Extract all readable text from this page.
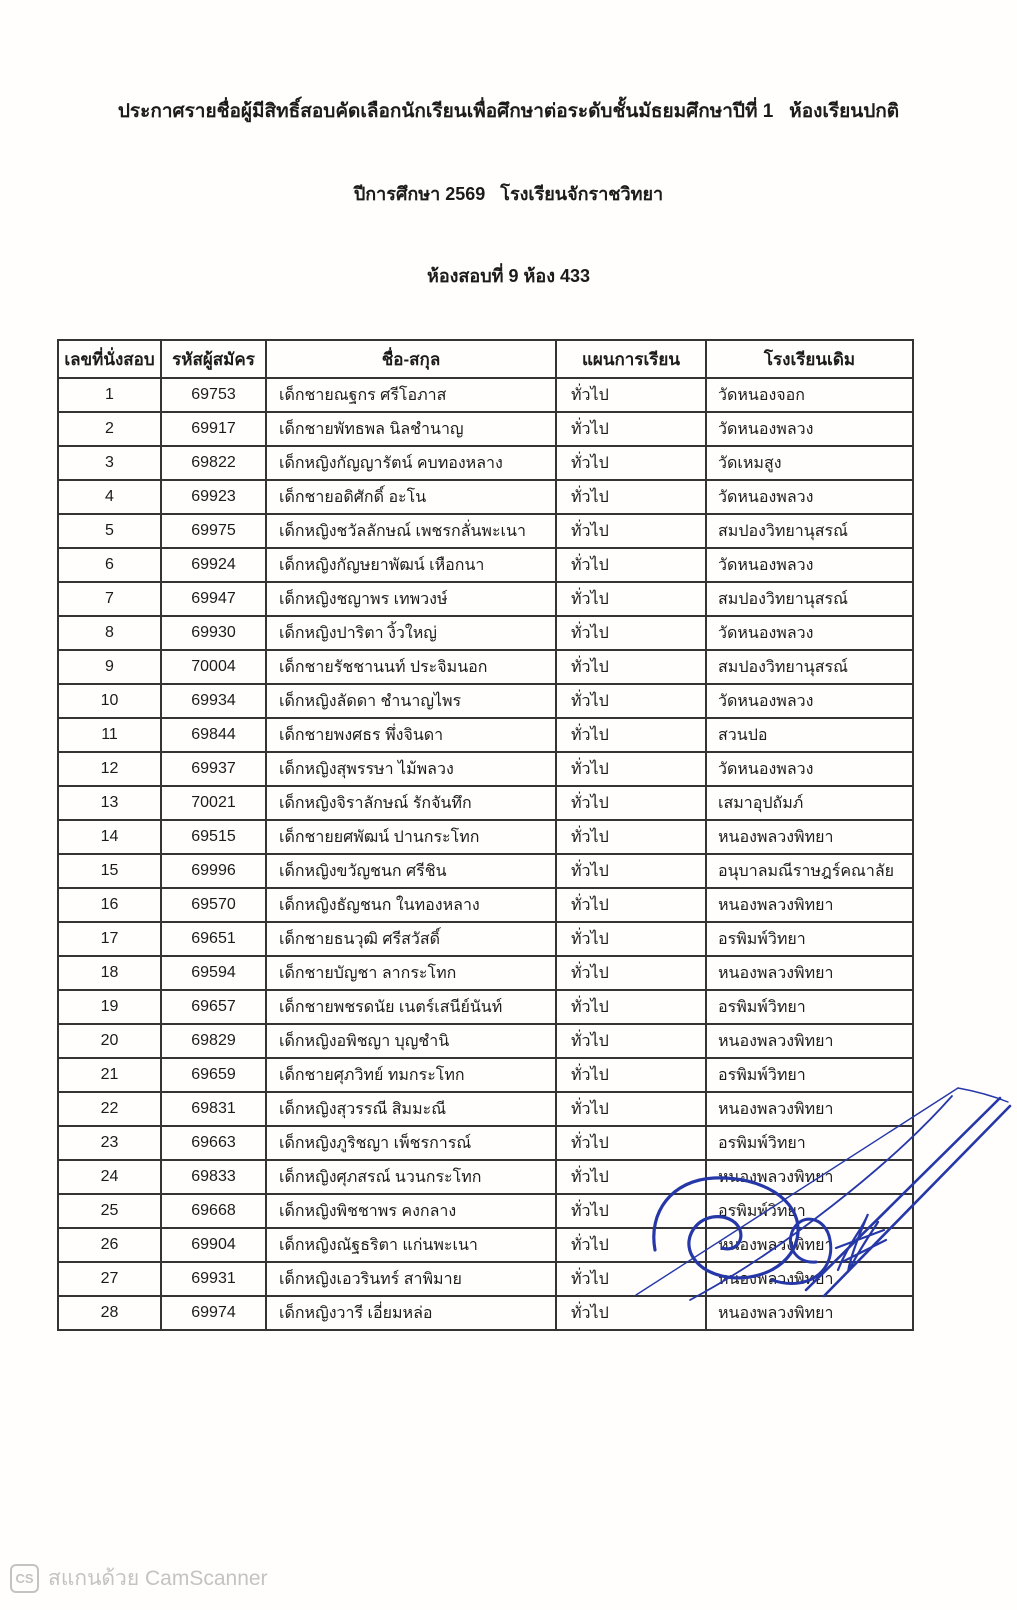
ประกาศรายชื่อผู้มีสิทธิ์สอบคัดเลือกนักเรียนเพื่อศึกษาต่อระดับชั้นมัธยมศึกษาปีที่ 1   ห้องเรียนปกติ

ปีการศึกษา 2569   โรงเรียนจักราชวิทยา

ห้องสอบที่ 9 ห้อง 433

เลขที่นั่งสอบ	รหัสผู้สมัคร	ชื่อ-สกุล	แผนการเรียน	โรงเรียนเดิม
1	69753	เด็กชายณฐกร ศรีโอภาส	ทั่วไป	วัดหนองจอก
2	69917	เด็กชายพัทธพล นิลชำนาญ	ทั่วไป	วัดหนองพลวง
3	69822	เด็กหญิงกัญญารัตน์ คบทองหลาง	ทั่วไป	วัดเหมสูง
4	69923	เด็กชายอดิศักดิ์ อะโน	ทั่วไป	วัดหนองพลวง
5	69975	เด็กหญิงชวัลลักษณ์ เพชรกลั่นพะเนา	ทั่วไป	สมปองวิทยานุสรณ์
6	69924	เด็กหญิงกัญษยาพัฒน์ เหือกนา	ทั่วไป	วัดหนองพลวง
7	69947	เด็กหญิงชญาพร เทพวงษ์	ทั่วไป	สมปองวิทยานุสรณ์
8	69930	เด็กหญิงปาริตา งิ้วใหญ่	ทั่วไป	วัดหนองพลวง
9	70004	เด็กชายรัชชานนท์ ประจิมนอก	ทั่วไป	สมปองวิทยานุสรณ์
10	69934	เด็กหญิงลัดดา ชำนาญไพร	ทั่วไป	วัดหนองพลวง
11	69844	เด็กชายพงศธร พึ่งจินดา	ทั่วไป	สวนปอ
12	69937	เด็กหญิงสุพรรษา ไม้พลวง	ทั่วไป	วัดหนองพลวง
13	70021	เด็กหญิงจิราลักษณ์ รักจันทึก	ทั่วไป	เสมาอุปถัมภ์
14	69515	เด็กชายยศพัฒน์ ปานกระโทก	ทั่วไป	หนองพลวงพิทยา
15	69996	เด็กหญิงขวัญชนก ศรีชิน	ทั่วไป	อนุบาลมณีราษฎร์คณาลัย
16	69570	เด็กหญิงธัญชนก ในทองหลาง	ทั่วไป	หนองพลวงพิทยา
17	69651	เด็กชายธนวุฒิ ศรีสวัสดิ์	ทั่วไป	อรพิมพ์วิทยา
18	69594	เด็กชายบัญชา ลากระโทก	ทั่วไป	หนองพลวงพิทยา
19	69657	เด็กชายพชรดนัย เนตร์เสนีย์นันท์	ทั่วไป	อรพิมพ์วิทยา
20	69829	เด็กหญิงอพิชญา บุญชำนิ	ทั่วไป	หนองพลวงพิทยา
21	69659	เด็กชายศุภวิทย์ ทมกระโทก	ทั่วไป	อรพิมพ์วิทยา
22	69831	เด็กหญิงสุวรรณี สิมมะณี	ทั่วไป	หนองพลวงพิทยา
23	69663	เด็กหญิงภูริชญา เพ็ชรการณ์	ทั่วไป	อรพิมพ์วิทยา
24	69833	เด็กหญิงศุภสรณ์ นวนกระโทก	ทั่วไป	หนองพลวงพิทยา
25	69668	เด็กหญิงพิชชาพร คงกลาง	ทั่วไป	อรพิมพ์วิทยา
26	69904	เด็กหญิงณัฐธริตา แก่นพะเนา	ทั่วไป	หนองพลวงพิทยา
27	69931	เด็กหญิงเอวรินทร์ สาพิมาย	ทั่วไป	หนองพลวงพิทยา
28	69974	เด็กหญิงวารี เอี่ยมหล่อ	ทั่วไป	หนองพลวงพิทยา
CS สแกนด้วย CamScanner
